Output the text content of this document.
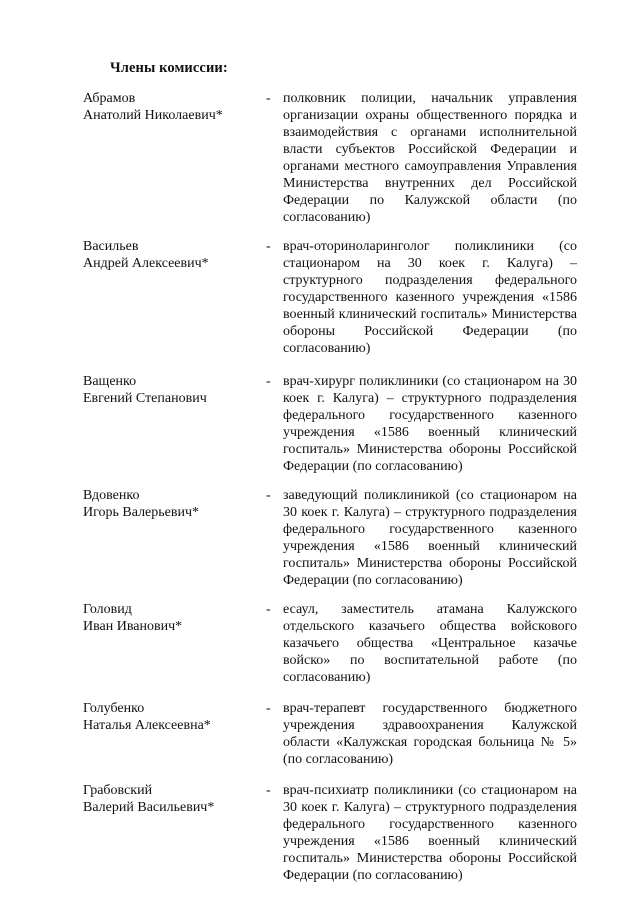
Члены комиссии:
Абрамов
Анатолий Николаевич*
- полковник полиции, начальник управления организации охраны общественного порядка и взаимодействия с органами исполнительной власти субъектов Российской Федерации и органами местного самоуправления Управления Министерства внутренних дел Российской Федерации по Калужской области (по согласованию)
Васильев
Андрей Алексеевич*
- врач-оториноларинголог поликлиники (со стационаром на 30 коек г. Калуга) – структурного подразделения федерального государственного казенного учреждения «1586 военный клинический госпиталь» Министерства обороны Российской Федерации (по согласованию)
Ващенко
Евгений Степанович
- врач-хирург поликлиники (со стационаром на 30 коек г. Калуга) – структурного подразделения федерального государственного казенного учреждения «1586 военный клинический госпиталь» Министерства обороны Российской Федерации (по согласованию)
Вдовенко
Игорь Валерьевич*
- заведующий поликлиникой (со стационаром на 30 коек г. Калуга) – структурного подразделения федерального государственного казенного учреждения «1586 военный клинический госпиталь» Министерства обороны Российской Федерации (по согласованию)
Головид
Иван Иванович*
- есаул, заместитель атамана Калужского отдельского казачьего общества войскового казачьего общества «Центральное казачье войско» по воспитательной работе (по согласованию)
Голубенко
Наталья Алексеевна*
- врач-терапевт государственного бюджетного учреждения здравоохранения Калужской области «Калужская городская больница № 5» (по согласованию)
Грабовский
Валерий Васильевич*
- врач-психиатр поликлиники (со стационаром на 30 коек г. Калуга) – структурного подразделения федерального государственного казенного учреждения «1586 военный клинический госпиталь» Министерства обороны Российской Федерации (по согласованию)
